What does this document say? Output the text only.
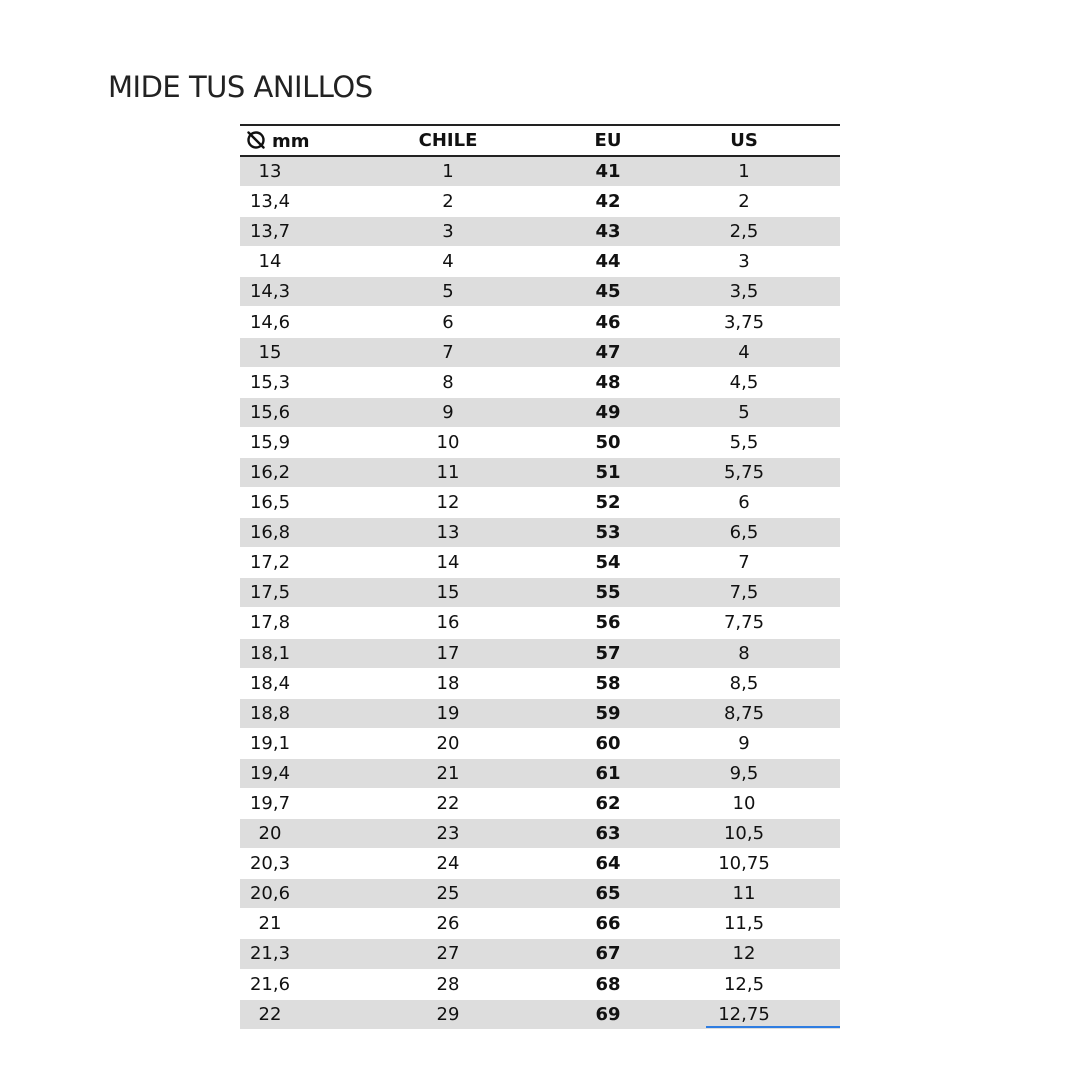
MIDE TUS ANILLOS
mm	CHILE	EU	US
13	1	41	1
13,4	2	42	2
13,7	3	43	2,5
14	4	44	3
14,3	5	45	3,5
14,6	6	46	3,75
15	7	47	4
15,3	8	48	4,5
15,6	9	49	5
15,9	10	50	5,5
16,2	11	51	5,75
16,5	12	52	6
16,8	13	53	6,5
17,2	14	54	7
17,5	15	55	7,5
17,8	16	56	7,75
18,1	17	57	8
18,4	18	58	8,5
18,8	19	59	8,75
19,1	20	60	9
19,4	21	61	9,5
19,7	22	62	10
20	23	63	10,5
20,3	24	64	10,75
20,6	25	65	11
21	26	66	11,5
21,3	27	67	12
21,6	28	68	12,5
22	29	69	12,75
